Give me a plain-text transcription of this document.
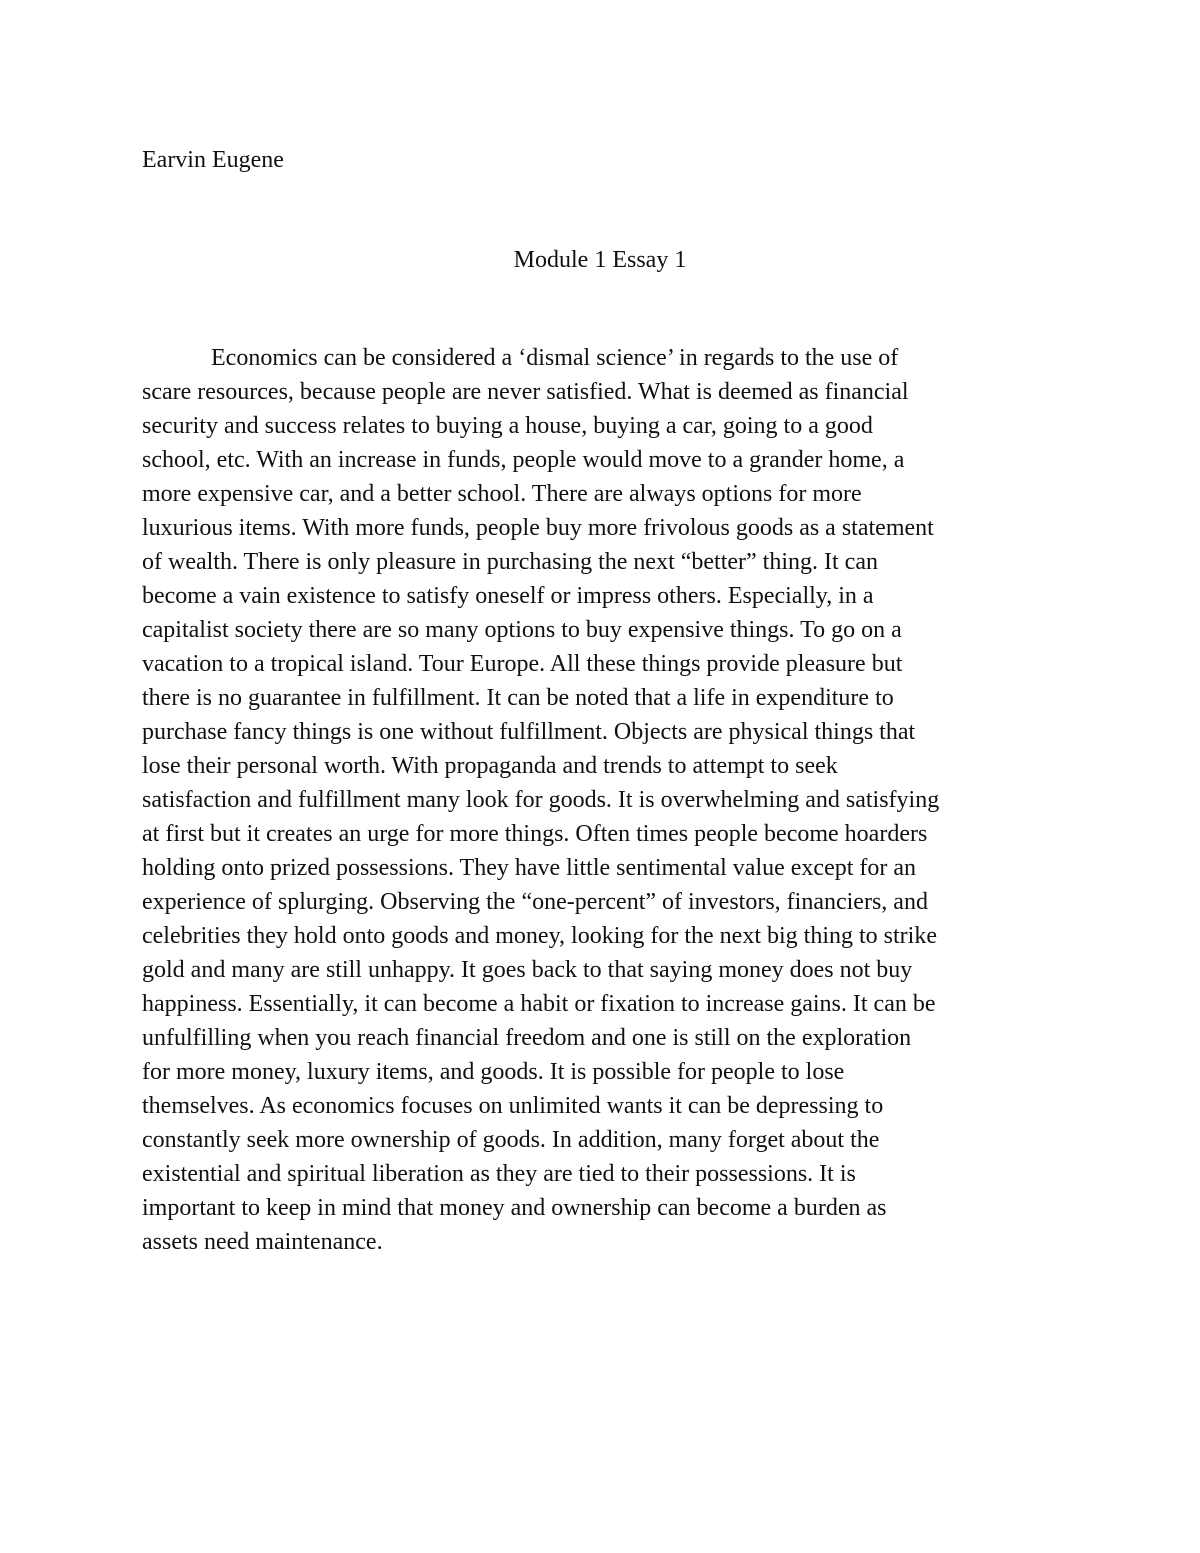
Earvin Eugene

Module 1 Essay 1
Economics can be considered a ‘dismal science’ in regards to the use of
scare resources, because people are never satisfied. What is deemed as financial
security and success relates to buying a house, buying a car, going to a good
school, etc. With an increase in funds, people would move to a grander home, a
more expensive car, and a better school. There are always options for more
luxurious items. With more funds, people buy more frivolous goods as a statement
of wealth. There is only pleasure in purchasing the next “better” thing. It can
become a vain existence to satisfy oneself or impress others. Especially, in a
capitalist society there are so many options to buy expensive things. To go on a
vacation to a tropical island. Tour Europe. All these things provide pleasure but
there is no guarantee in fulfillment. It can be noted that a life in expenditure to
purchase fancy things is one without fulfillment. Objects are physical things that
lose their personal worth. With propaganda and trends to attempt to seek
satisfaction and fulfillment many look for goods. It is overwhelming and satisfying
at first but it creates an urge for more things. Often times people become hoarders
holding onto prized possessions. They have little sentimental value except for an
experience of splurging. Observing the “one-percent” of investors, financiers, and
celebrities they hold onto goods and money, looking for the next big thing to strike
gold and many are still unhappy. It goes back to that saying money does not buy
happiness. Essentially, it can become a habit or fixation to increase gains. It can be
unfulfilling when you reach financial freedom and one is still on the exploration
for more money, luxury items, and goods. It is possible for people to lose
themselves. As economics focuses on unlimited wants it can be depressing to
constantly seek more ownership of goods. In addition, many forget about the
existential and spiritual liberation as they are tied to their possessions. It is
important to keep in mind that money and ownership can become a burden as
assets need maintenance.
